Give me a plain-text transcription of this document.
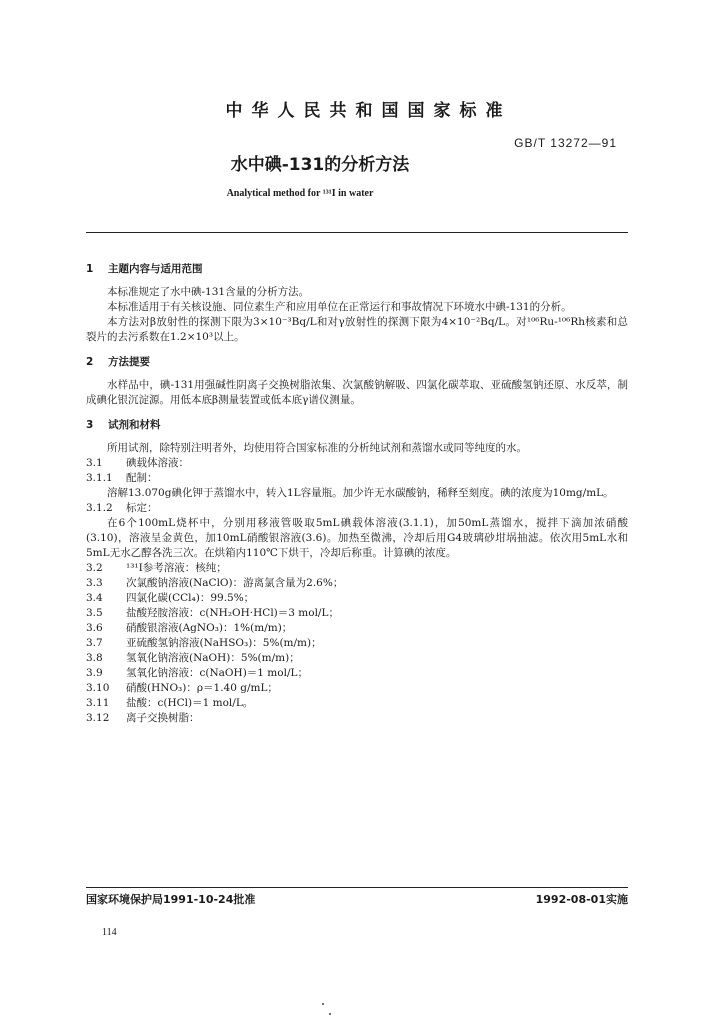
中华人民共和国国家标准
GB/T 13272—91
水中碘-131的分析方法
Analytical method for ¹³¹I in water

1 主题内容与适用范围

本标准规定了水中碘-131含量的分析方法。

本标准适用于有关核设施、同位素生产和应用单位在正常运行和事故情况下环境水中碘-131的分析。

本方法对β放射性的探测下限为3×10⁻³Bq/L和对γ放射性的探测下限为4×10⁻²Bq/L。对¹⁰⁶Ru-¹⁰⁶Rh核素和总裂片的去污系数在1.2×10³以上。

2 方法提要

水样品中，碘-131用强碱性阴离子交换树脂浓集、次氯酸钠解吸、四氯化碳萃取、亚硫酸氢钠还原、水反萃，制成碘化银沉淀源。用低本底β测量装置或低本底γ谱仪测量。

3 试剂和材料

所用试剂，除特别注明者外，均使用符合国家标准的分析纯试剂和蒸馏水或同等纯度的水。

3.1 碘载体溶液：

3.1.1 配制：

溶解13.070g碘化钾于蒸馏水中，转入1L容量瓶。加少许无水碳酸钠，稀释至刻度。碘的浓度为10mg/mL。

3.1.2 标定：

在6个100mL烧杯中，分别用移液管吸取5mL碘载体溶液(3.1.1)，加50mL蒸馏水，搅拌下滴加浓硝酸(3.10)，溶液呈金黄色，加10mL硝酸银溶液(3.6)。加热至微沸，冷却后用G4玻璃砂坩埚抽滤。依次用5mL水和5mL无水乙醇各洗三次。在烘箱内110℃下烘干，冷却后称重。计算碘的浓度。

3.2 ¹³¹I参考溶液：核纯；

3.3 次氯酸钠溶液(NaClO)：游离氯含量为2.6%；

3.4 四氯化碳(CCl₄)：99.5%；

3.5 盐酸羟胺溶液：c(NH₂OH·HCl)＝3 mol/L；

3.6 硝酸银溶液(AgNO₃)：1%(m/m)；

3.7 亚硫酸氢钠溶液(NaHSO₃)：5%(m/m)；

3.8 氢氧化钠溶液(NaOH)：5%(m/m)；

3.9 氢氧化钠溶液：c(NaOH)＝1 mol/L；

3.10 硝酸(HNO₃)：ρ＝1.40 g/mL；

3.11 盐酸：c(HCl)＝1 mol/L。

3.12 离子交换树脂：

国家环境保护局1991-10-24批准	1992-08-01实施
114
